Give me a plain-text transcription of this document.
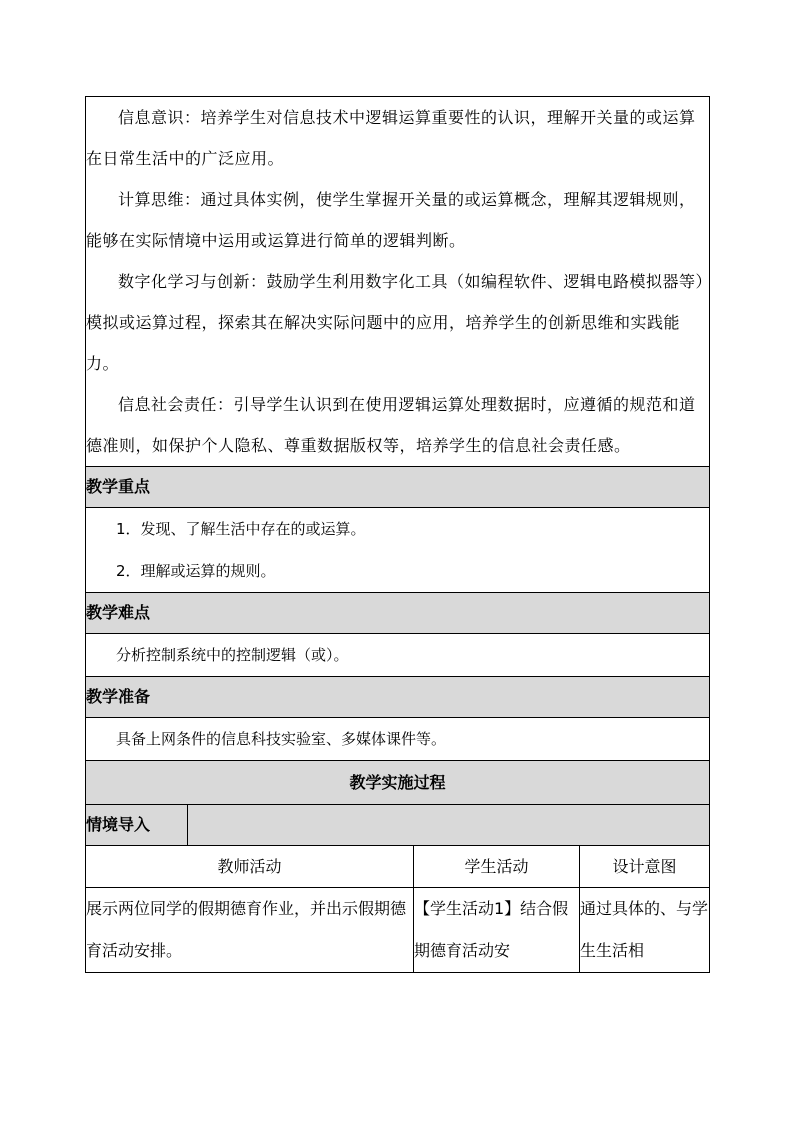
信息意识：培养学生对信息技术中逻辑运算重要性的认识，理解开关量的或运算在日常生活中的广泛应用。

计算思维：通过具体实例，使学生掌握开关量的或运算概念，理解其逻辑规则，能够在实际情境中运用或运算进行简单的逻辑判断。

数字化学习与创新：鼓励学生利用数字化工具（如编程软件、逻辑电路模拟器等）模拟或运算过程，探索其在解决实际问题中的应用，培养学生的创新思维和实践能力。

信息社会责任：引导学生认识到在使用逻辑运算处理数据时，应遵循的规范和道德准则，如保护个人隐私、尊重数据版权等，培养学生的信息社会责任感。			

教学重点			

1．发现、了解生活中存在的或运算。

2．理解或运算的规则。			

教学难点			

分析控制系统中的控制逻辑（或）。			

教学准备			

具备上网条件的信息科技实验室、多媒体课件等。			

教学实施过程			
情境导入			
教师活动		学生活动	设计意图
展示两位同学的假期德育作业，并出示假期德育活动安排。		【学生活动1】结合假期德育活动安	通过具体的、与学生生活相
